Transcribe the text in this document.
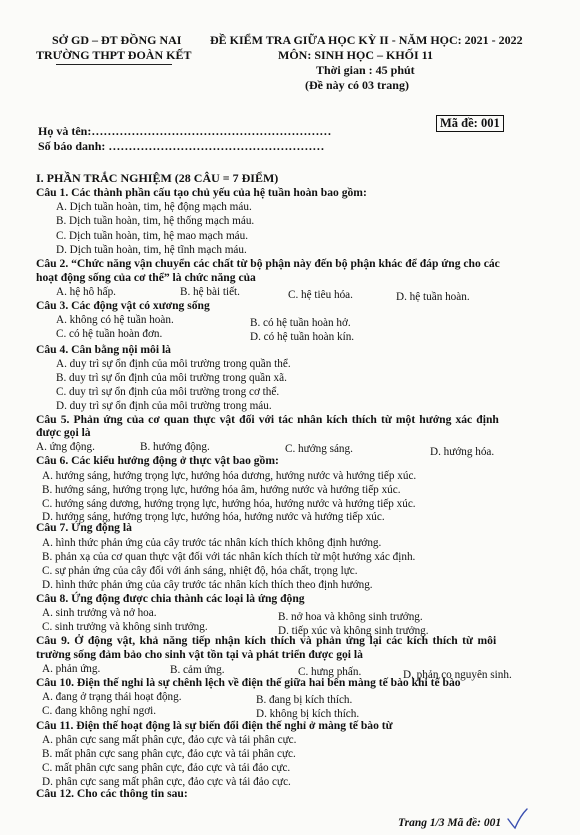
SỞ GD – ĐT ĐỒNG NAI
TRƯỜNG THPT ĐOÀN KẾT
ĐỀ KIỂM TRA GIỮA HỌC KỲ II - NĂM HỌC: 2021 - 2022
MÔN: SINH HỌC – KHỐI 11
Thời gian : 45 phút
(Đề này có 03 trang)
Mã đề: 001
Họ và tên:……………………………………………………
Số báo danh: ………………………………………………
I. PHẦN TRẮC NGHIỆM (28 CÂU = 7 ĐIỂM)
Câu 1. Các thành phần cấu tạo chủ yếu của hệ tuần hoàn bao gồm:
A. Dịch tuần hoàn, tim, hệ động mạch máu.
B. Dịch tuần hoàn, tim, hệ thống mạch máu.
C. Dịch tuần hoàn, tim, hệ mao mạch máu.
D. Dịch tuần hoàn, tim, hệ tĩnh mạch máu.
Câu 2. “Chức năng vận chuyển các chất từ bộ phận này đến bộ phận khác để đáp ứng cho các
hoạt động sống của cơ thể” là chức năng của
A. hệ hô hấp.	B. hệ bài tiết.	C. hệ tiêu hóa.	D. hệ tuần hoàn.
Câu 3. Các động vật có xương sống
A. không có hệ tuần hoàn.	B. có hệ tuần hoàn hở.
C. có hệ tuần hoàn đơn.	D. có hệ tuần hoàn kín.
Câu 4. Cân bằng nội môi là
A. duy trì sự ổn định của môi trường trong quần thể.
B. duy trì sự ổn định của môi trường trong quần xã.
C. duy trì sự ổn định của môi trường trong cơ thể.
D. duy trì sự ổn định của môi trường trong máu.
Câu 5. Phản ứng của cơ quan thực vật đối với tác nhân kích thích từ một hướng xác định
được gọi là
A. ứng động.	B. hướng động.	C. hướng sáng.	D. hướng hóa.
Câu 6. Các kiểu hướng động ở thực vật bao gồm:
A. hướng sáng, hướng trọng lực, hướng hóa dương, hướng nước và hướng tiếp xúc.
B. hướng sáng, hướng trọng lực, hướng hóa âm, hướng nước và hướng tiếp xúc.
C. hướng sáng dương, hướng trọng lực, hướng hóa, hướng nước và hướng tiếp xúc.
D. hướng sáng, hướng trọng lực, hướng hóa, hướng nước và hướng tiếp xúc.
Câu 7. Ứng động là
A. hình thức phản ứng của cây trước tác nhân kích thích không định hướng.
B. phản xạ của cơ quan thực vật đối với tác nhân kích thích từ một hướng xác định.
C. sự phản ứng của cây đối với ánh sáng, nhiệt độ, hóa chất, trọng lực.
D. hình thức phản ứng của cây trước tác nhân kích thích theo định hướng.
Câu 8. Ứng động được chia thành các loại là ứng động
A. sinh trưởng và nở hoa.	B. nở hoa và không sinh trưởng.
C. sinh trưởng và không sinh trưởng.	D. tiếp xúc và không sinh trưởng.
Câu 9. Ở động vật, khả năng tiếp nhận kích thích và phản ứng lại các kích thích từ môi
trường sống đảm bảo cho sinh vật tồn tại và phát triển được gọi là
A. phản ứng.	B. cảm ứng.	C. hưng phấn.	D. phản co nguyên sinh.
Câu 10. Điện thế nghỉ là sự chênh lệch về điện thế giữa hai bên màng tế bào khi tế bào
A. đang ở trạng thái hoạt động.	B. đang bị kích thích.
C. đang không nghỉ ngơi.	D. không bị kích thích.
Câu 11. Điện thế hoạt động là sự biến đổi điện thế nghỉ ở màng tế bào từ
A. phân cực sang mất phân cực, đảo cực và tái phân cực.
B. mất phân cực sang phân cực, đảo cực và tái phân cực.
C. mất phân cực sang phân cực, đảo cực và tái đảo cực.
D. phân cực sang mất phân cực, đảo cực và tái đảo cực.
Câu 12. Cho các thông tin sau:
Trang 1/3 Mã đề: 001
